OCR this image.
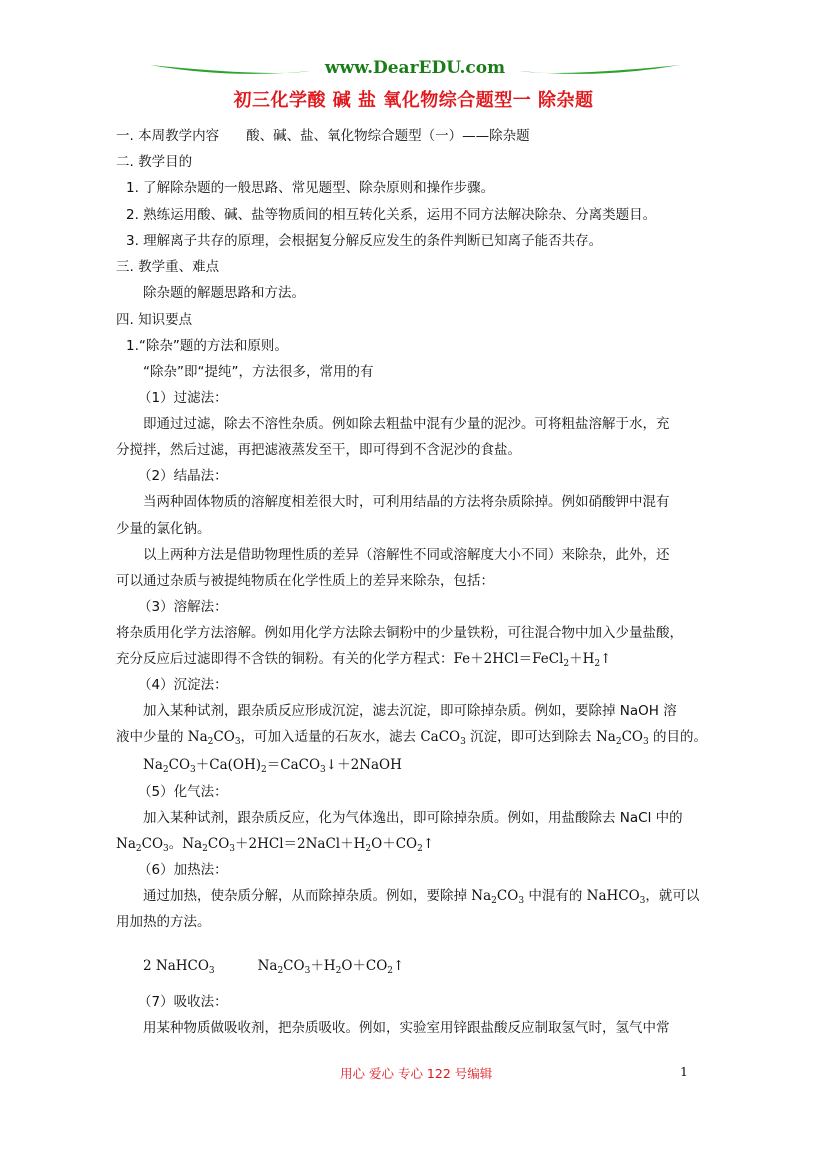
www.DearEDU.com
初三化学酸 碱 盐 氧化物综合题型一 除杂题
一. 本周教学内容　　酸、碱、盐、氧化物综合题型（一）——除杂题
二. 教学目的
1. 了解除杂题的一般思路、常见题型、除杂原则和操作步骤。
2. 熟练运用酸、碱、盐等物质间的相互转化关系，运用不同方法解决除杂、分离类题目。
3. 理解离子共存的原理，会根据复分解反应发生的条件判断已知离子能否共存。
三. 教学重、难点
除杂题的解题思路和方法。
四. 知识要点
1.“除杂”题的方法和原则。
“除杂”即“提纯”，方法很多，常用的有
（1）过滤法：
即通过过滤，除去不溶性杂质。例如除去粗盐中混有少量的泥沙。可将粗盐溶解于水，充
分搅拌，然后过滤，再把滤液蒸发至干，即可得到不含泥沙的食盐。
（2）结晶法：
当两种固体物质的溶解度相差很大时，可利用结晶的方法将杂质除掉。例如硝酸钾中混有
少量的氯化钠。
以上两种方法是借助物理性质的差异（溶解性不同或溶解度大小不同）来除杂，此外，还
可以通过杂质与被提纯物质在化学性质上的差异来除杂，包括：
（3）溶解法：
将杂质用化学方法溶解。例如用化学方法除去铜粉中的少量铁粉，可往混合物中加入少量盐酸，
充分反应后过滤即得不含铁的铜粉。有关的化学方程式：$Fe+2HCl=FeCl_2+H_2↑$
（4）沉淀法：
加入某种试剂，跟杂质反应形成沉淀，滤去沉淀，即可除掉杂质。例如，要除掉 NaOH 溶
液中少量的 $Na_2CO_3$，可加入适量的石灰水，滤去 CaCO$_3$ 沉淀，即可达到除去 $Na_2CO_3$ 的目的。
$Na_2CO_3+Ca(OH)_2=CaCO_3↓+2NaOH$
（5）化气法：
加入某种试剂，跟杂质反应，化为气体逸出，即可除掉杂质。例如，用盐酸除去 NaCl 中的
$Na_2CO_3$。$Na_2CO_3+2HCl=2NaCl+H_2O+CO_2↑$
（6）加热法：
通过加热，使杂质分解，从而除掉杂质。例如，要除掉 $Na_2CO_3$ 中混有的 NaHCO$_3$，就可以
用加热的方法。
2 NaHCO$_3$          $Na_2CO_3+H_2O+CO_2↑$
（7）吸收法：
用某种物质做吸收剂，把杂质吸收。例如，实验室用锌跟盐酸反应制取氢气时，氢气中常
用心 爱心 专心 122 号编辑	1
